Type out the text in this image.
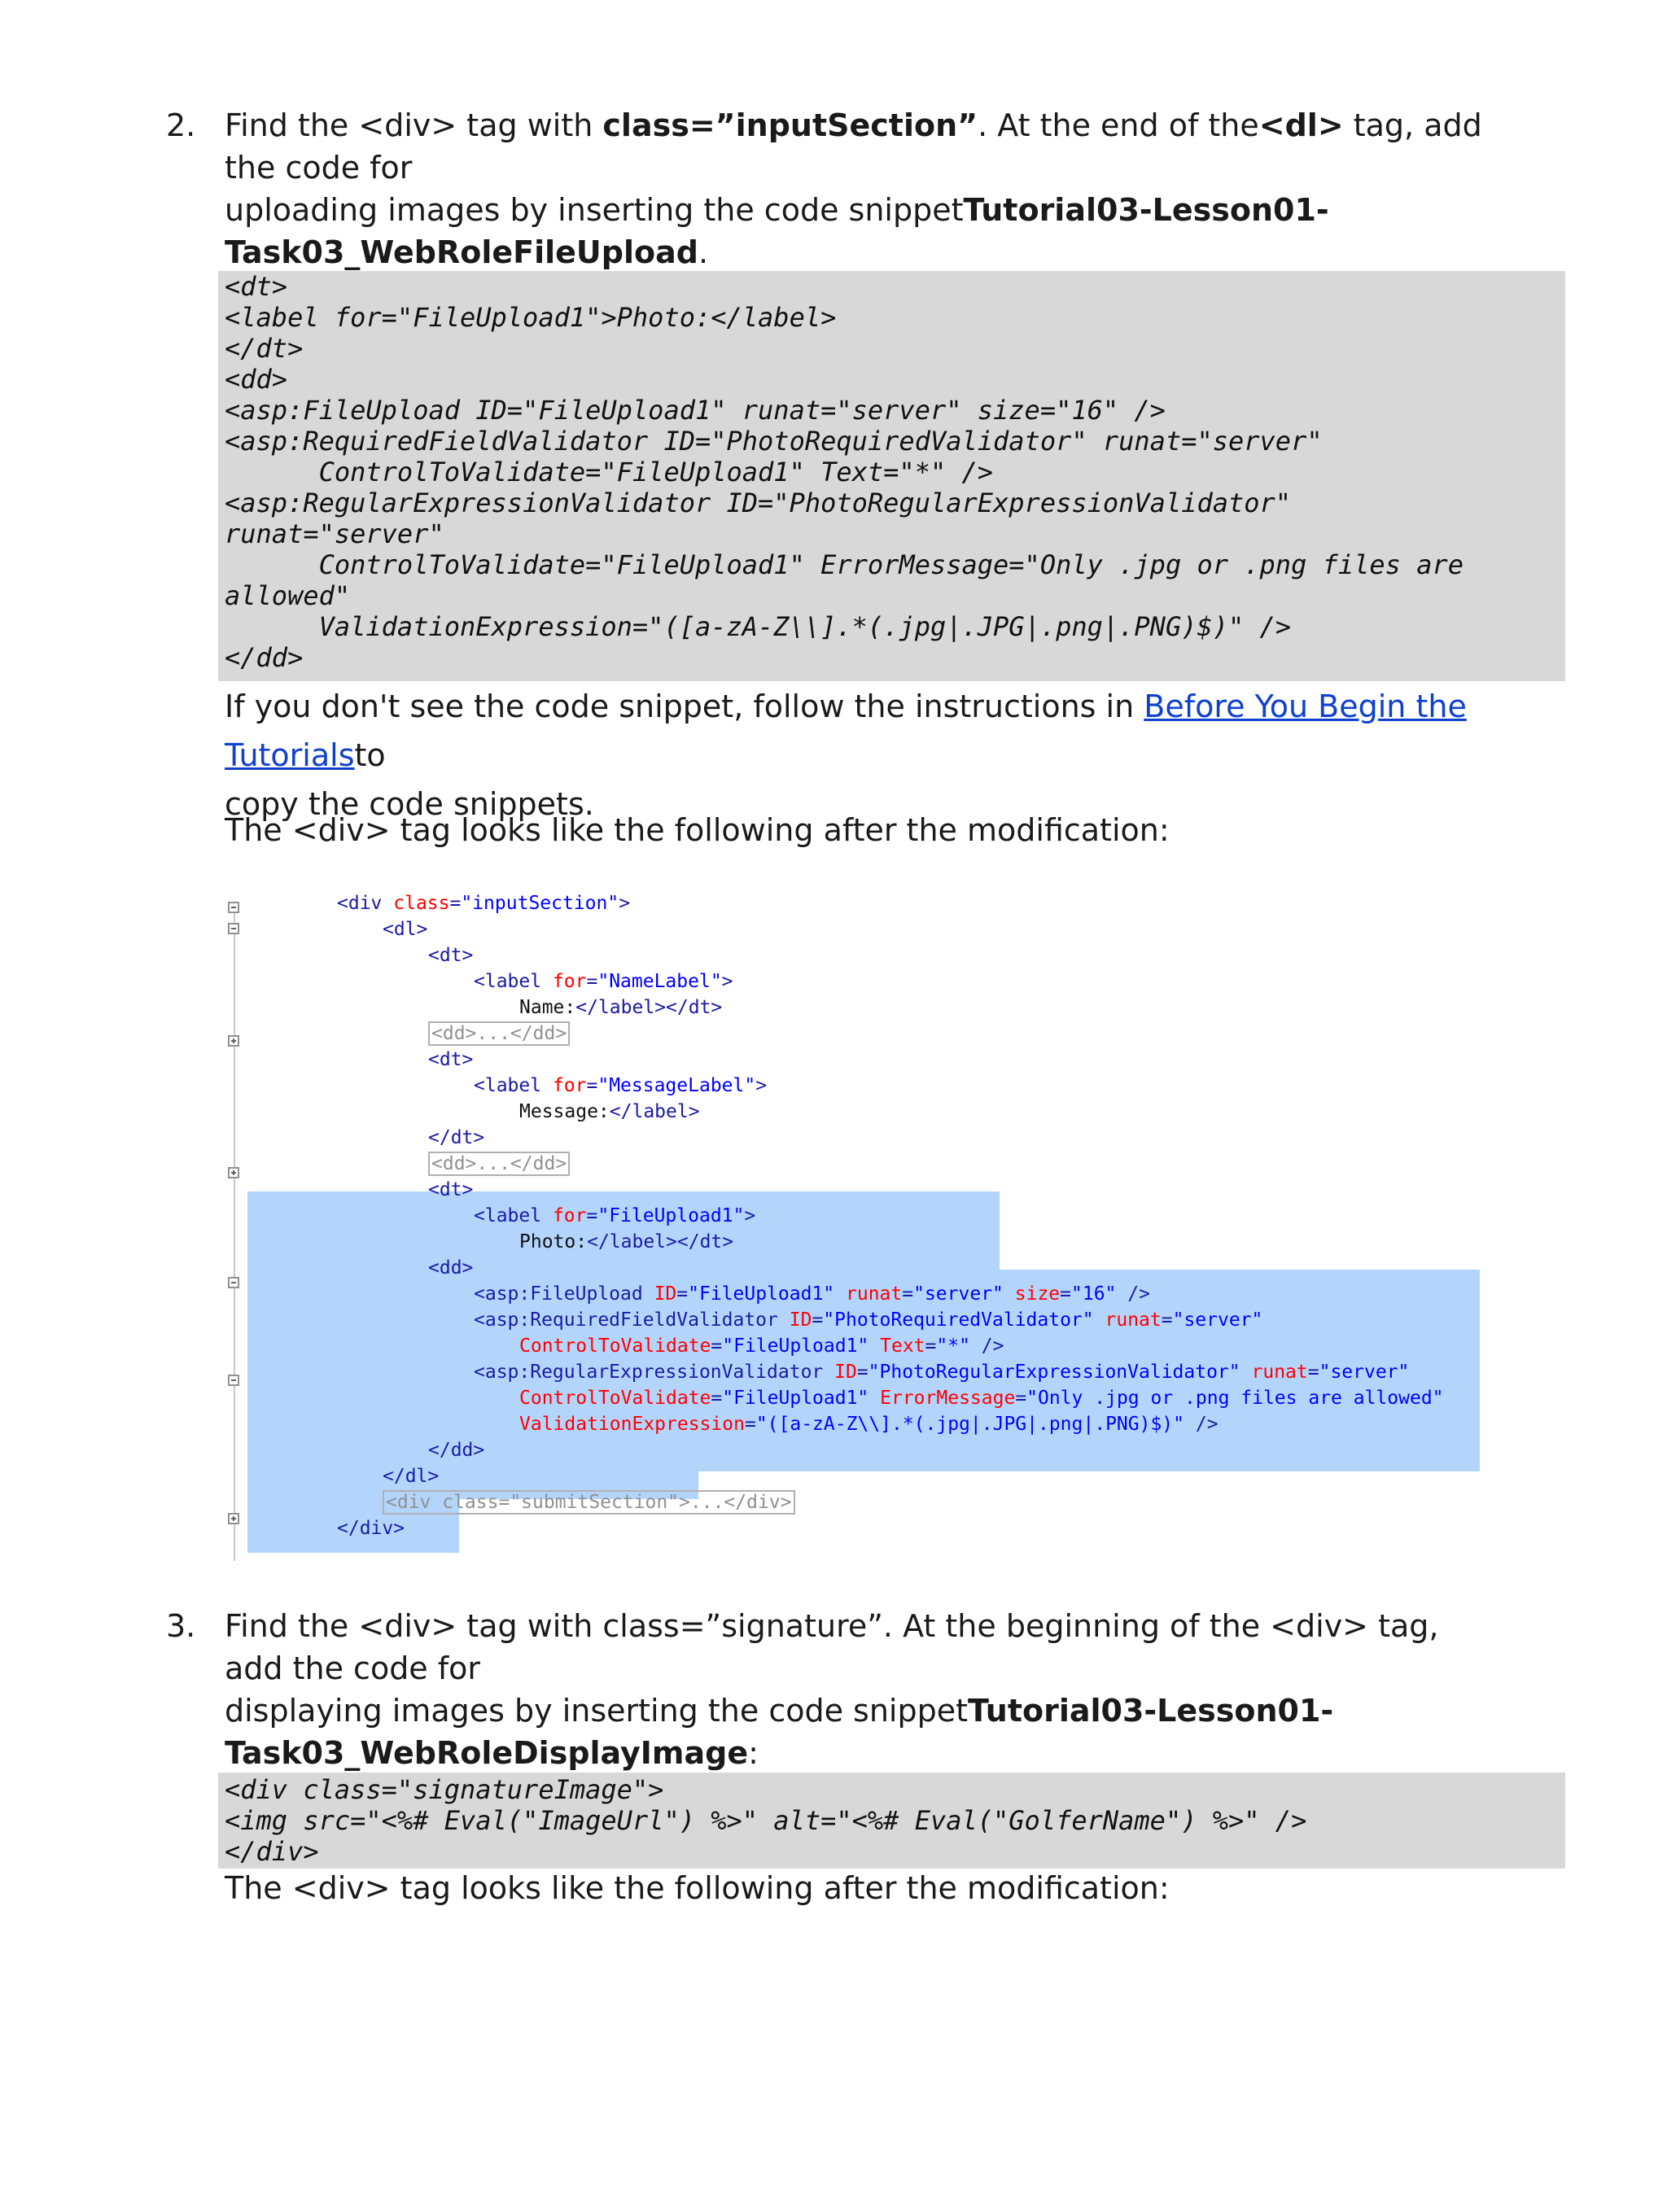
2. Find the <div> tag with class=”inputSection”. At the end of the<dl> tag, add the code for
uploading images by inserting the code snippetTutorial03-Lesson01-
Task03_WebRoleFileUpload.
<dt>
<label for="FileUpload1">Photo:</label>
</dt>
<dd>
<asp:FileUpload ID="FileUpload1" runat="server" size="16" />
<asp:RequiredFieldValidator ID="PhotoRequiredValidator" runat="server"
ControlToValidate="FileUpload1" Text="*" />
<asp:RegularExpressionValidator ID="PhotoRegularExpressionValidator"
runat="server"
ControlToValidate="FileUpload1" ErrorMessage="Only .jpg or .png files are
allowed"
ValidationExpression="([a-zA-Z\\].*(.jpg|.JPG|.png|.PNG)$)" />
</dd>
If you don't see the code snippet, follow the instructions in Before You Begin the Tutorialsto
copy the code snippets.
The <div> tag looks like the following after the modification:
<div class="inputSection">
<dl>
<dt>
<label for="NameLabel">
Name:</label></dt>
<dd>...</dd>
<dt>
<label for="MessageLabel">
Message:</label>
</dt>
<dd>...</dd>
<dt>
<label for="FileUpload1">
Photo:</label></dt>
<dd>
<asp:FileUpload ID="FileUpload1" runat="server" size="16" />
<asp:RequiredFieldValidator ID="PhotoRequiredValidator" runat="server"
ControlToValidate="FileUpload1" Text="*" />
<asp:RegularExpressionValidator ID="PhotoRegularExpressionValidator" runat="server"
ControlToValidate="FileUpload1" ErrorMessage="Only .jpg or .png files are allowed"
ValidationExpression="([a-zA-Z\\].*(.jpg|.JPG|.png|.PNG)$)" />
</dd>
</dl>
<div class="submitSection">...</div>
</div>
3. Find the <div> tag with class=”signature”. At the beginning of the <div> tag, add the code for
displaying images by inserting the code snippetTutorial03-Lesson01-
Task03_WebRoleDisplayImage:
<div class="signatureImage">
<img src="<%# Eval("ImageUrl") %>" alt="<%# Eval("GolferName") %>" />
</div>
The <div> tag looks like the following after the modification:
